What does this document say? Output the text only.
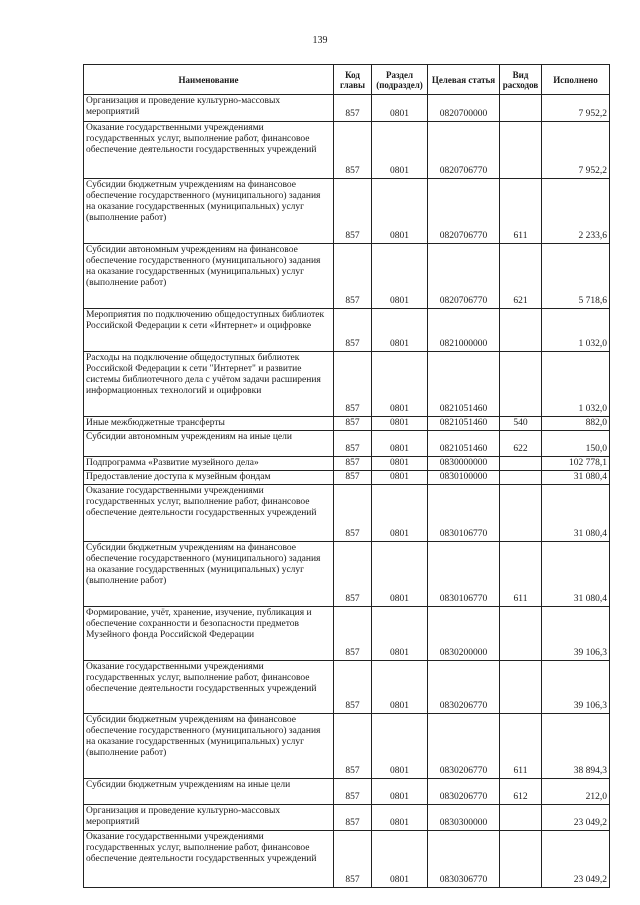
139
Наименование	Код главы	Раздел (подраздел)	Целевая статья	Вид расходов	Исполнено
Организация и проведение культурно-массовых мероприятий	857	0801	0820700000		7 952,2
Оказание государственными учреждениями государственных услуг, выполнение работ, финансовое обеспечение деятельности государственных учреждений	857	0801	0820706770		7 952,2
Субсидии бюджетным учреждениям на финансовое обеспечение государственного (муниципального) задания на оказание государственных (муниципальных) услуг (выполнение работ)	857	0801	0820706770	611	2 233,6
Субсидии автономным учреждениям на финансовое обеспечение государственного (муниципального) задания на оказание государственных (муниципальных) услуг (выполнение работ)	857	0801	0820706770	621	5 718,6
Мероприятия по подключению общедоступных библиотек Российской Федерации к сети «Интернет» и оцифровке	857	0801	0821000000		1 032,0
Расходы на подключение общедоступных библиотек Российской Федерации к сети "Интернет" и развитие системы библиотечного дела с учётом задачи расширения информационных технологий и оцифровки	857	0801	0821051460		1 032,0
Иные межбюджетные трансферты	857	0801	0821051460	540	882,0
Субсидии автономным учреждениям на иные цели	857	0801	0821051460	622	150,0
Подпрограмма «Развитие музейного дела»	857	0801	0830000000		102 778,1
Предоставление доступа к музейным фондам	857	0801	0830100000		31 080,4
Оказание государственными учреждениями государственных услуг, выполнение работ, финансовое обеспечение деятельности государственных учреждений	857	0801	0830106770		31 080,4
Субсидии бюджетным учреждениям на финансовое обеспечение государственного (муниципального) задания на оказание государственных (муниципальных) услуг (выполнение работ)	857	0801	0830106770	611	31 080,4
Формирование, учёт, хранение, изучение, публикация и обеспечение сохранности и безопасности предметов Музейного фонда Российской Федерации	857	0801	0830200000		39 106,3
Оказание государственными учреждениями государственных услуг, выполнение работ, финансовое обеспечение деятельности государственных учреждений	857	0801	0830206770		39 106,3
Субсидии бюджетным учреждениям на финансовое обеспечение государственного (муниципального) задания на оказание государственных (муниципальных) услуг (выполнение работ)	857	0801	0830206770	611	38 894,3
Субсидии бюджетным учреждениям на иные цели	857	0801	0830206770	612	212,0
Организация и проведение культурно-массовых мероприятий	857	0801	0830300000		23 049,2
Оказание государственными учреждениями государственных услуг, выполнение работ, финансовое обеспечение деятельности государственных учреждений	857	0801	0830306770		23 049,2
